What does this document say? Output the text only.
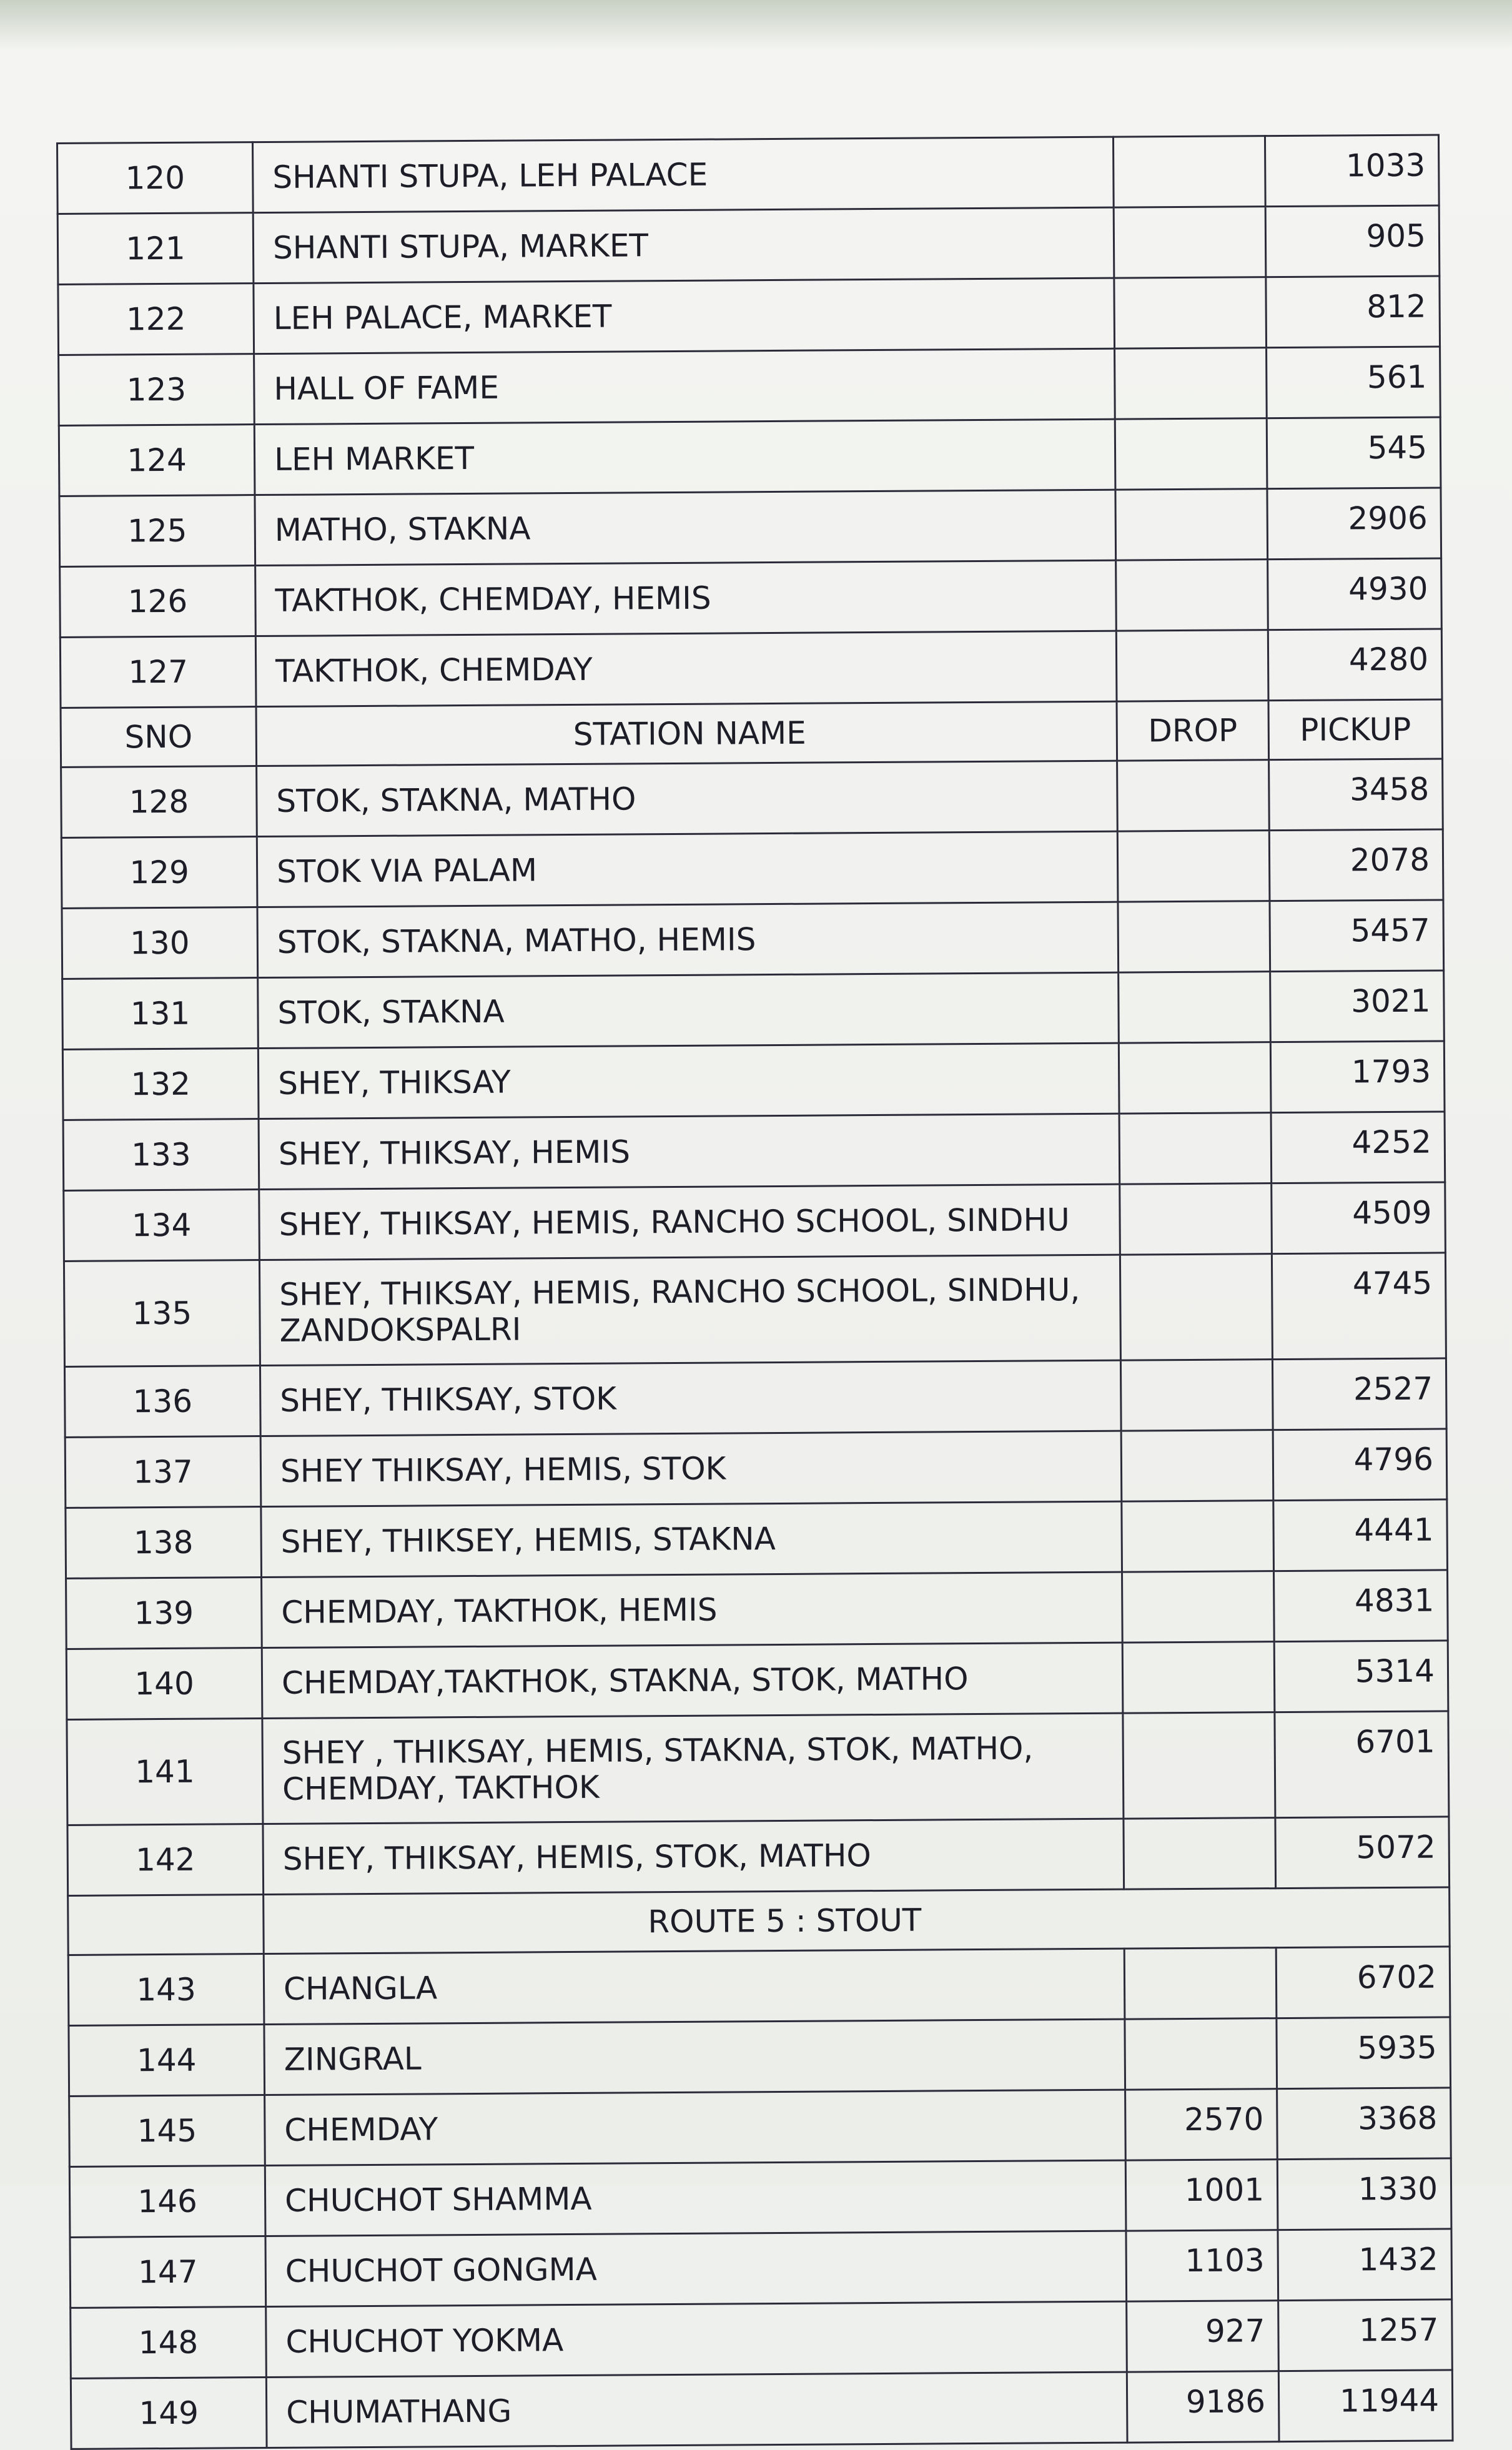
120	SHANTI STUPA, LEH PALACE		1033
121	SHANTI STUPA, MARKET		905
122	LEH PALACE, MARKET		812
123	HALL OF FAME		561
124	LEH MARKET		545
125	MATHO, STAKNA		2906
126	TAKTHOK, CHEMDAY, HEMIS		4930
127	TAKTHOK, CHEMDAY		4280
SNO	STATION NAME	DROP	PICKUP
128	STOK, STAKNA, MATHO		3458
129	STOK VIA PALAM		2078
130	STOK, STAKNA, MATHO, HEMIS		5457
131	STOK, STAKNA		3021
132	SHEY, THIKSAY		1793
133	SHEY, THIKSAY, HEMIS		4252
134	SHEY, THIKSAY, HEMIS, RANCHO SCHOOL, SINDHU		4509
135	SHEY, THIKSAY, HEMIS, RANCHO SCHOOL, SINDHU, ZANDOKSPALRI		4745
136	SHEY, THIKSAY, STOK		2527
137	SHEY THIKSAY, HEMIS, STOK		4796
138	SHEY, THIKSEY, HEMIS, STAKNA		4441
139	CHEMDAY, TAKTHOK, HEMIS		4831
140	CHEMDAY,TAKTHOK, STAKNA, STOK, MATHO		5314
141	SHEY , THIKSAY, HEMIS, STAKNA, STOK, MATHO, CHEMDAY, TAKTHOK		6701
142	SHEY, THIKSAY, HEMIS, STOK, MATHO		5072
	ROUTE 5 : STOUT		
143	CHANGLA		6702
144	ZINGRAL		5935
145	CHEMDAY	2570	3368
146	CHUCHOT SHAMMA	1001	1330
147	CHUCHOT GONGMA	1103	1432
148	CHUCHOT YOKMA	927	1257
149	CHUMATHANG	9186	11944
